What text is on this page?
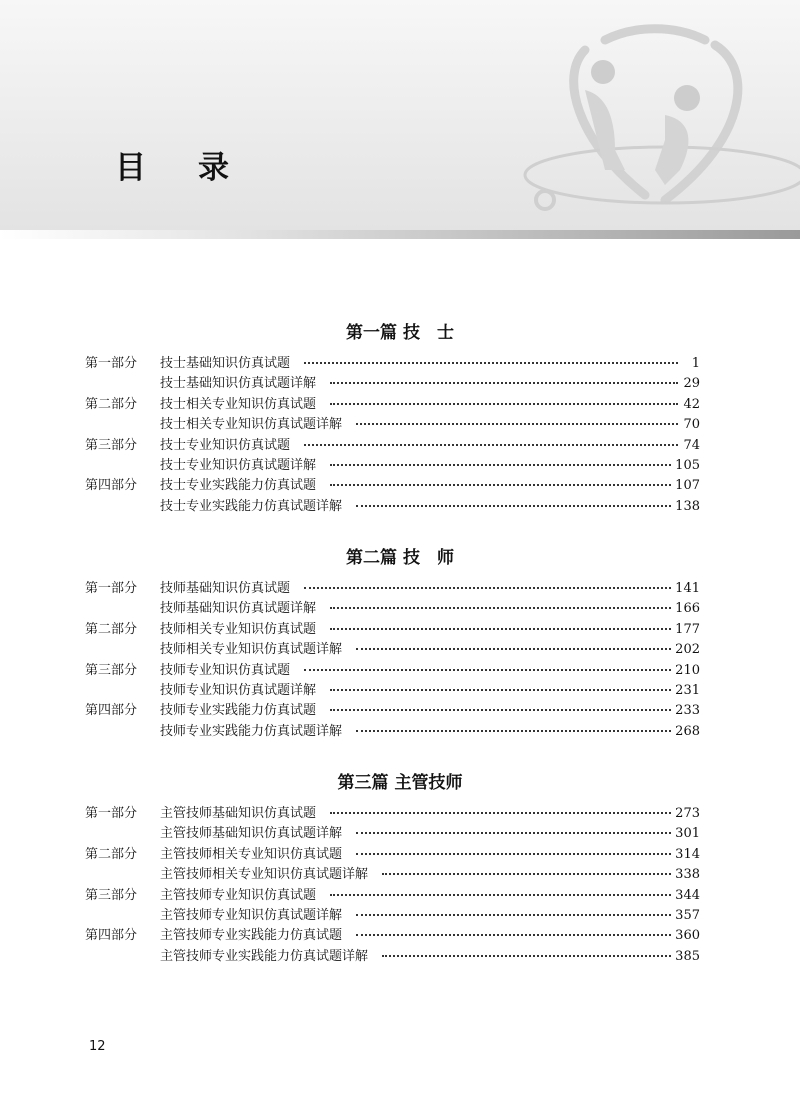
目录
第一篇 技　士
第一部分	技士基础知识仿真试题	1
技士基础知识仿真试题详解	29
第二部分	技士相关专业知识仿真试题	42
技士相关专业知识仿真试题详解	70
第三部分	技士专业知识仿真试题	74
技士专业知识仿真试题详解	105
第四部分	技士专业实践能力仿真试题	107
技士专业实践能力仿真试题详解	138
第二篇 技　师
第一部分	技师基础知识仿真试题	141
技师基础知识仿真试题详解	166
第二部分	技师相关专业知识仿真试题	177
技师相关专业知识仿真试题详解	202
第三部分	技师专业知识仿真试题	210
技师专业知识仿真试题详解	231
第四部分	技师专业实践能力仿真试题	233
技师专业实践能力仿真试题详解	268
第三篇 主管技师
第一部分	主管技师基础知识仿真试题	273
主管技师基础知识仿真试题详解	301
第二部分	主管技师相关专业知识仿真试题	314
主管技师相关专业知识仿真试题详解	338
第三部分	主管技师专业知识仿真试题	344
主管技师专业知识仿真试题详解	357
第四部分	主管技师专业实践能力仿真试题	360
主管技师专业实践能力仿真试题详解	385
12
